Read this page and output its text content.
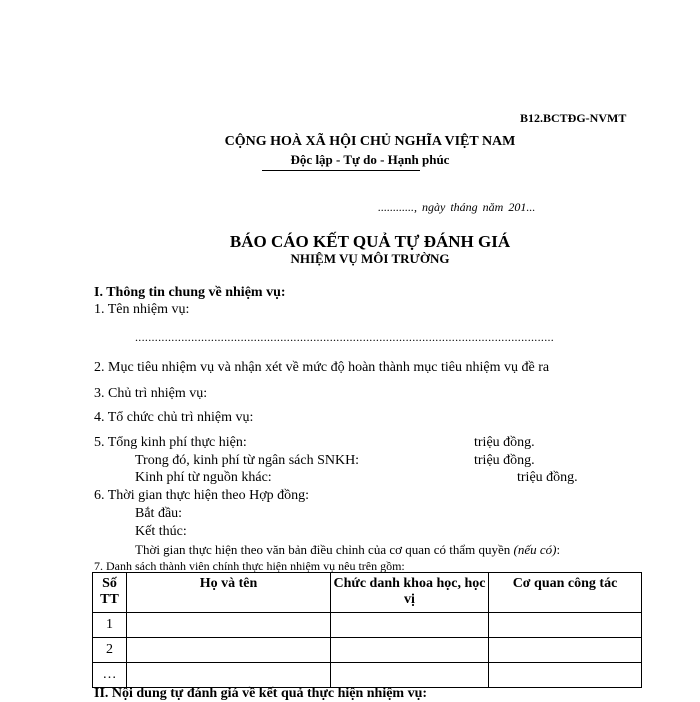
B12.BCTĐG-NVMT
CỘNG HOÀ XÃ HỘI CHỦ NGHĨA VIỆT NAM
Độc lập - Tự do - Hạnh phúc
............, ngày tháng năm 201...
BÁO CÁO KẾT QUẢ TỰ ĐÁNH GIÁ
NHIỆM VỤ MÔI TRƯỜNG
I. Thông tin chung về nhiệm vụ:
1. Tên nhiệm vụ:
...............................................................................................................................
2. Mục tiêu nhiệm vụ và nhận xét về mức độ hoàn thành mục tiêu nhiệm vụ đề ra
3. Chủ trì nhiệm vụ:
4. Tổ chức chủ trì nhiệm vụ:
5. Tổng kinh phí thực hiện:	triệu đồng.
Trong đó, kinh phí từ ngân sách SNKH:	triệu đồng.
Kinh phí từ nguồn khác:	triệu đồng.
6. Thời gian thực hiện theo Hợp đồng:
Bắt đầu:
Kết thúc:
Thời gian thực hiện theo văn bản điều chỉnh của cơ quan có thẩm quyền (nếu có):
7. Danh sách thành viên chính thực hiện nhiệm vụ nêu trên gồm:
Số TT	Họ và tên	Chức danh khoa học, học vị	Cơ quan công tác
1			
2			
…			
II. Nội dung tự đánh giá về kết quả thực hiện nhiệm vụ:
